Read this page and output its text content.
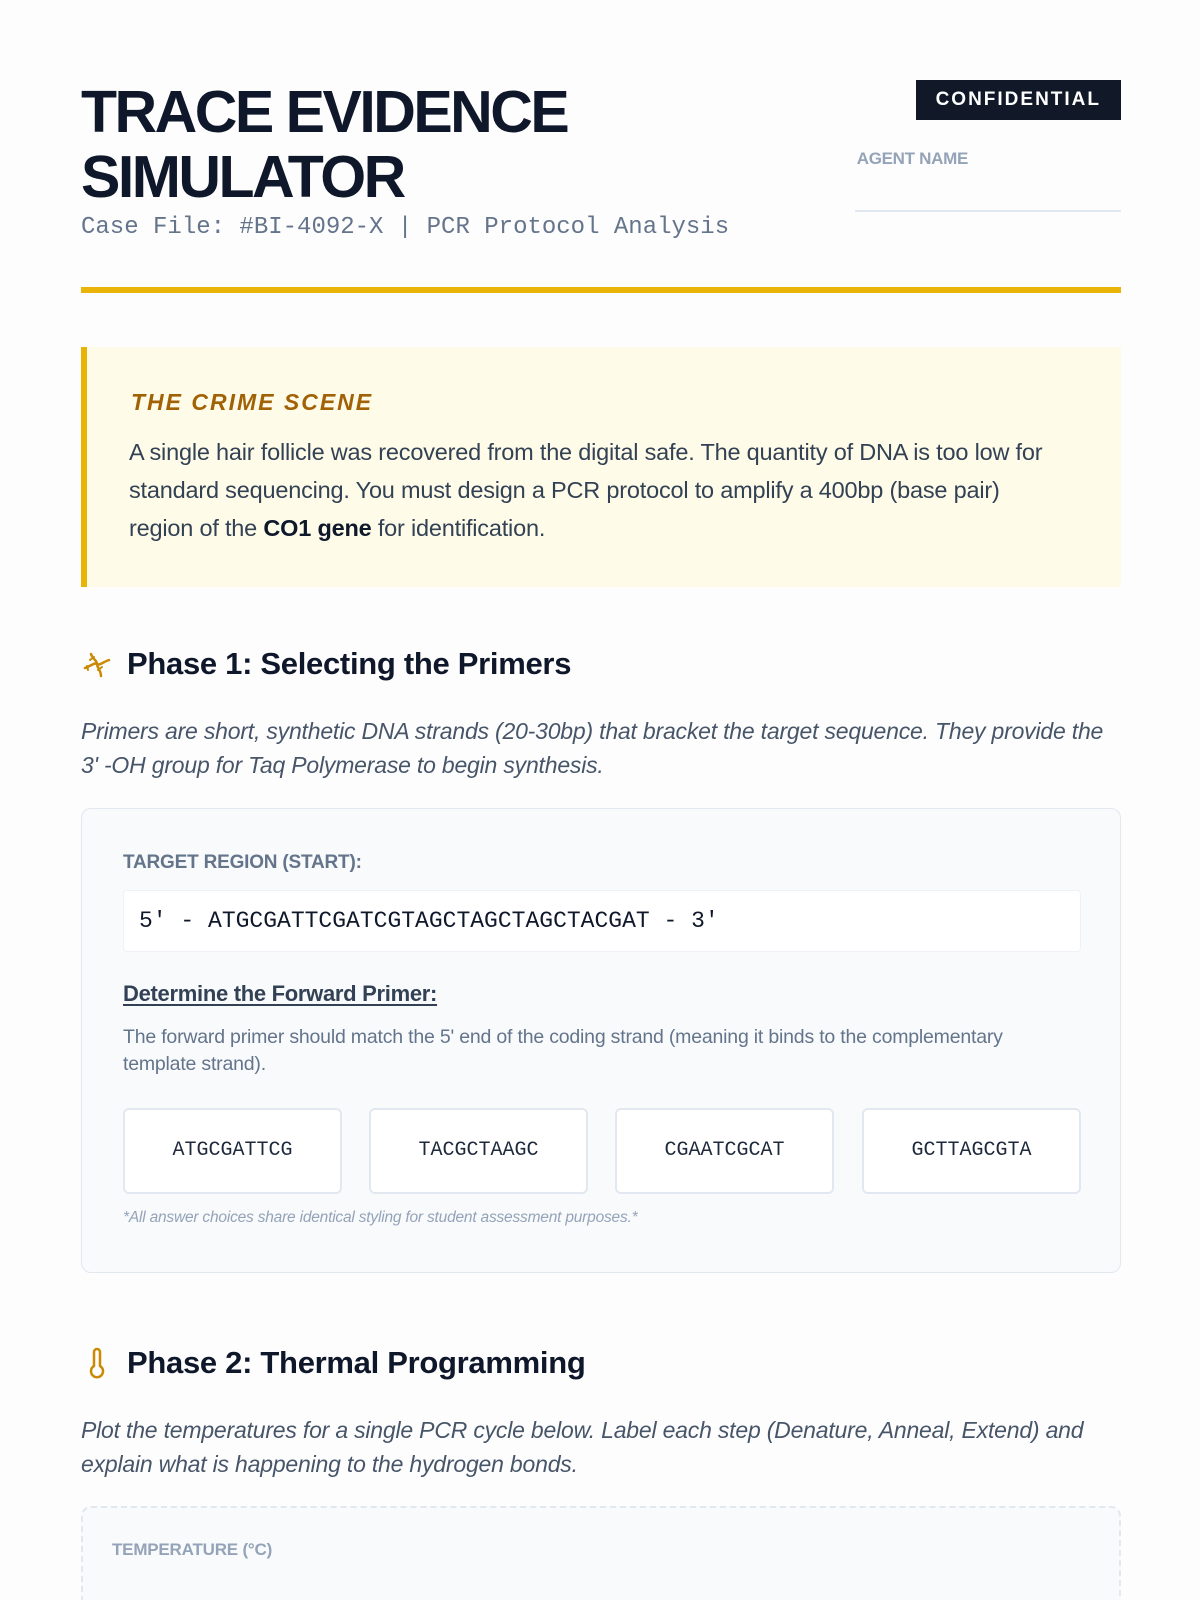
TRACE EVIDENCE
SIMULATOR
Case File: #BI-4092-X | PCR Protocol Analysis
CONFIDENTIAL
AGENT NAME
THE CRIME SCENE

A single hair follicle was recovered from the digital safe. The quantity of DNA is too low for standard sequencing. You must design a PCR protocol to amplify a 400bp (base pair) region of the CO1 gene for identification.

Phase 1: Selecting the Primers

Primers are short, synthetic DNA strands (20-30bp) that bracket the target sequence. They provide the 3' -OH group for Taq Polymerase to begin synthesis.

TARGET REGION (START):
5' - ATGCGATTCGATCGTAGCTAGCTAGCTACGAT - 3'
Determine the Forward Primer:
The forward primer should match the 5' end of the coding strand (meaning it binds to the complementary template strand).
ATGCGATTCG	TACGCTAAGC	CGAATCGCAT	GCTTAGCGTA
*All answer choices share identical styling for student assessment purposes.*
Phase 2: Thermal Programming

Plot the temperatures for a single PCR cycle below. Label each step (Denature, Anneal, Extend) and explain what is happening to the hydrogen bonds.

TEMPERATURE (°C)
